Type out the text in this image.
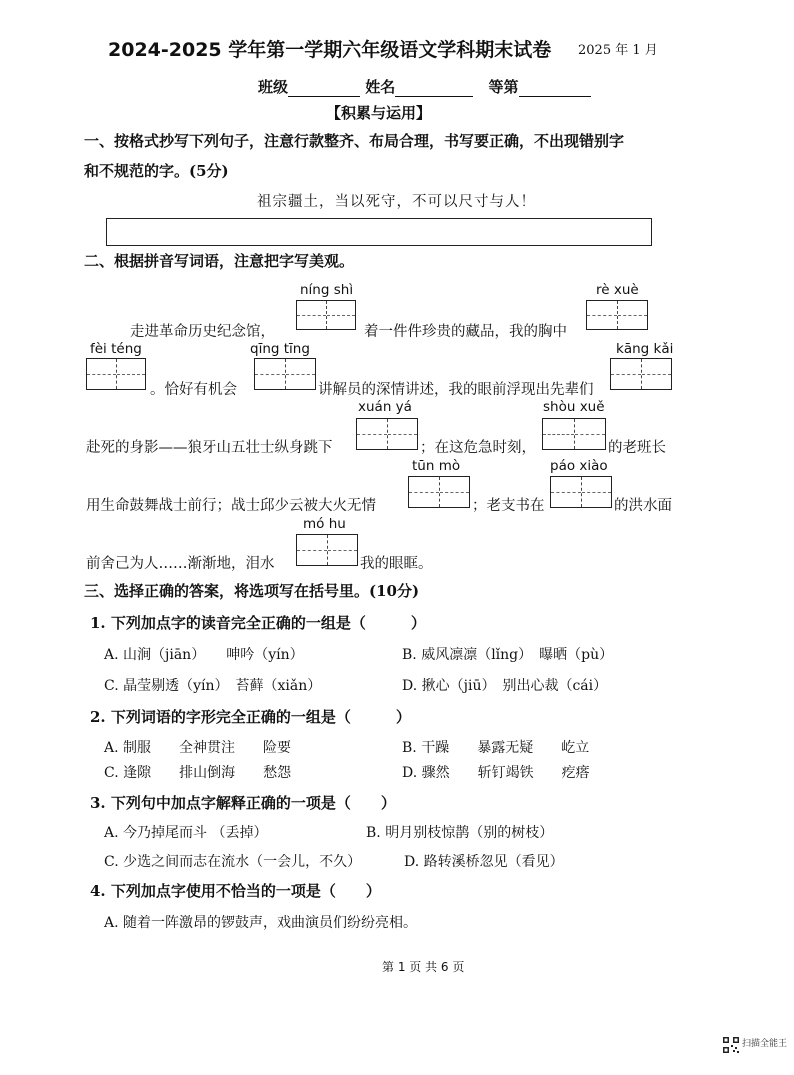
2024-2025 学年第一学期六年级语文学科期末试卷 2025 年 1 月
班级	姓名	等第
【积累与运用】
一、按格式抄写下列句子，注意行款整齐、布局合理，书写要正确，不出现错别字
和不规范的字。(5分)
祖宗疆土，当以死守，不可以尺寸与人！
二、根据拼音写词语，注意把字写美观。
níng shì	rè xuè
fèi téng	qīng tīng	kāng kǎi
xuán yá	shòu xuě
tūn mò	páo xiào
mó hu
走进革命历史纪念馆，	着一件件珍贵的藏品，我的胸中
。恰好有机会	讲解员的深情讲述，我的眼前浮现出先辈们
赴死的身影——狼牙山五壮士纵身跳下	；在这危急时刻，	的老班长
用生命鼓舞战士前行；战士邱少云被大火无情	；老支书在	的洪水面
前舍己为人……渐渐地，泪水	我的眼眶。
三、选择正确的答案，将选项写在括号里。(10分)
1. 下列加点字的读音完全正确的一组是（　　　）
A. 山涧（jiān）　　呻吟（yín）	B. 威风凛凛（lǐng）　曝晒（pù）
C. 晶莹剔透（yín）　苔藓（xiǎn）	D. 揪心（jiū）　别出心裁（cái）
2. 下列词语的字形完全正确的一组是（　　　）
A. 制服　　全神贯注　　险要	B. 干躁　　暴露无疑　　屹立
C. 逢隙　　排山倒海　　愁怨	D. 骤然　　斩钉竭铁　　疙瘩
3. 下列句中加点字解释正确的一项是（　　）
A. 今乃掉尾而斗 （丢掉）	B. 明月别枝惊鹊（别的树枝）
C. 少选之间而志在流水（一会儿，不久）	D. 路转溪桥忽见（看见）
4. 下列加点字使用不恰当的一项是（　　）
A. 随着一阵激昂的锣鼓声，戏曲演员们纷纷亮相。
第 1 页 共 6 页
扫描全能王
